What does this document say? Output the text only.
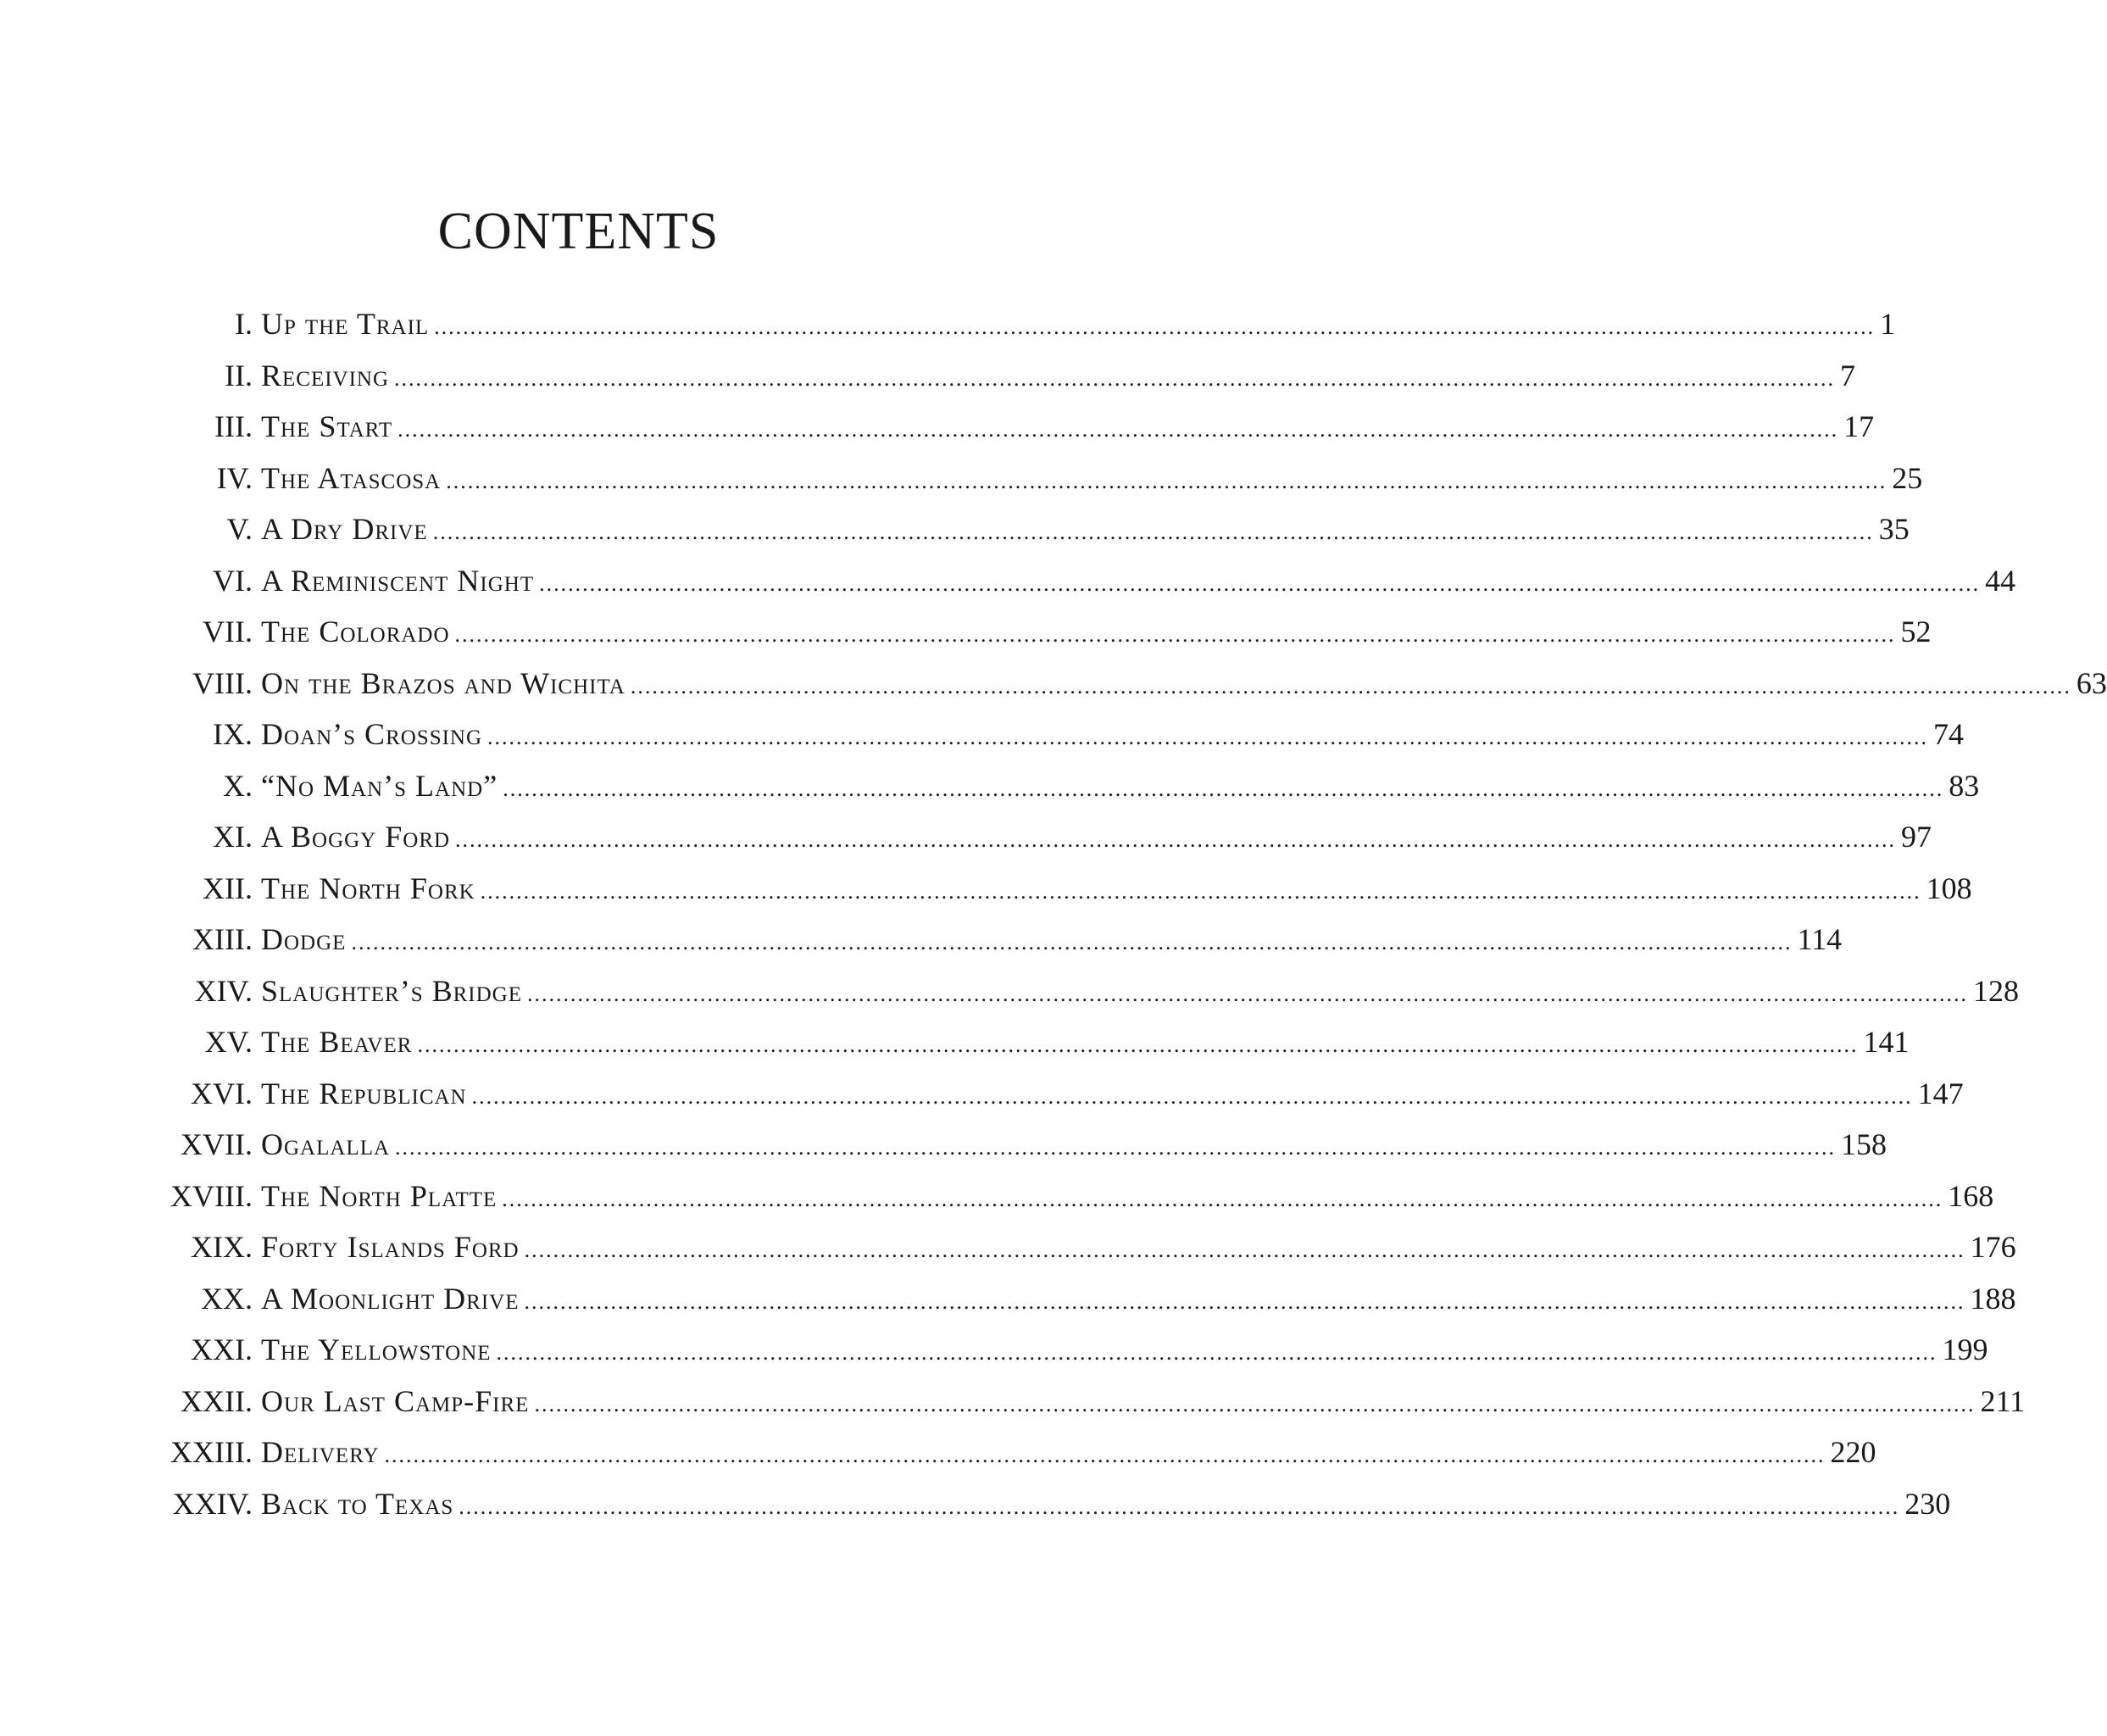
CONTENTS
I. Up the Trail ........................................................................................................................................................................................................ 1
II. Receiving ........................................................................................................................................................................................................ 7
III. The Start ........................................................................................................................................................................................................ 17
IV. The Atascosa ........................................................................................................................................................................................................ 25
V. A Dry Drive ........................................................................................................................................................................................................ 35
VI. A Reminiscent Night ........................................................................................................................................................................................................ 44
VII. The Colorado ........................................................................................................................................................................................................ 52
VIII. On the Brazos and Wichita ........................................................................................................................................................................................................ 63
IX. Doan’s Crossing ........................................................................................................................................................................................................ 74
X. “No Man’s Land” ........................................................................................................................................................................................................ 83
XI. A Boggy Ford ........................................................................................................................................................................................................ 97
XII. The North Fork ........................................................................................................................................................................................................ 108
XIII. Dodge ........................................................................................................................................................................................................ 114
XIV. Slaughter’s Bridge ........................................................................................................................................................................................................ 128
XV. The Beaver ........................................................................................................................................................................................................ 141
XVI. The Republican ........................................................................................................................................................................................................ 147
XVII. Ogalalla ........................................................................................................................................................................................................ 158
XVIII. The North Platte ........................................................................................................................................................................................................ 168
XIX. Forty Islands Ford ........................................................................................................................................................................................................ 176
XX. A Moonlight Drive ........................................................................................................................................................................................................ 188
XXI. The Yellowstone ........................................................................................................................................................................................................ 199
XXII. Our Last Camp-Fire ........................................................................................................................................................................................................ 211
XXIII. Delivery ........................................................................................................................................................................................................ 220
XXIV. Back to Texas ........................................................................................................................................................................................................ 230
